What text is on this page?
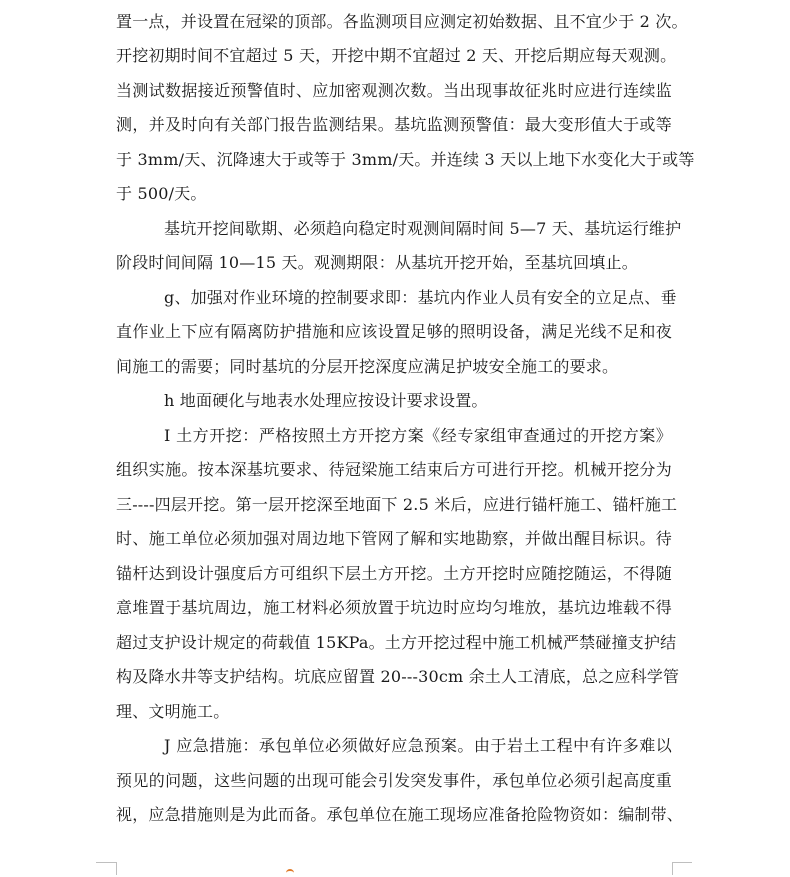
置一点，并设置在冠梁的顶部。各监测项目应测定初始数据、且不宜少于 2 次。
开挖初期时间不宜超过 5 天，开挖中期不宜超过 2 天、开挖后期应每天观测。
当测试数据接近预警值时、应加密观测次数。当出现事故征兆时应进行连续监
测，并及时向有关部门报告监测结果。基坑监测预警值：最大变形值大于或等
于 3mm/天、沉降速大于或等于 3mm/天。并连续 3 天以上地下水变化大于或等
于 500/天。
基坑开挖间歇期、必须趋向稳定时观测间隔时间 5—7 天、基坑运行维护
阶段时间间隔 10—15 天。观测期限：从基坑开挖开始，至基坑回填止。
g、加强对作业环境的控制要求即：基坑内作业人员有安全的立足点、垂
直作业上下应有隔离防护措施和应该设置足够的照明设备，满足光线不足和夜
间施工的需要；同时基坑的分层开挖深度应满足护坡安全施工的要求。
h 地面硬化与地表水处理应按设计要求设置。
I 土方开挖：严格按照土方开挖方案《经专家组审查通过的开挖方案》
组织实施。按本深基坑要求、待冠梁施工结束后方可进行开挖。机械开挖分为
三----四层开挖。第一层开挖深至地面下 2.5 米后，应进行锚杆施工、锚杆施工
时、施工单位必须加强对周边地下管网了解和实地勘察，并做出醒目标识。待
锚杆达到设计强度后方可组织下层土方开挖。土方开挖时应随挖随运，不得随
意堆置于基坑周边，施工材料必须放置于坑边时应均匀堆放，基坑边堆载不得
超过支护设计规定的荷载值 15KPa。土方开挖过程中施工机械严禁碰撞支护结
构及降水井等支护结构。坑底应留置 20---30cm 余土人工清底，总之应科学管
理、文明施工。
J 应急措施：承包单位必须做好应急预案。由于岩土工程中有许多难以
预见的问题，这些问题的出现可能会引发突发事件，承包单位必须引起高度重
视，应急措施则是为此而备。承包单位在施工现场应准备抢险物资如：编制带、
